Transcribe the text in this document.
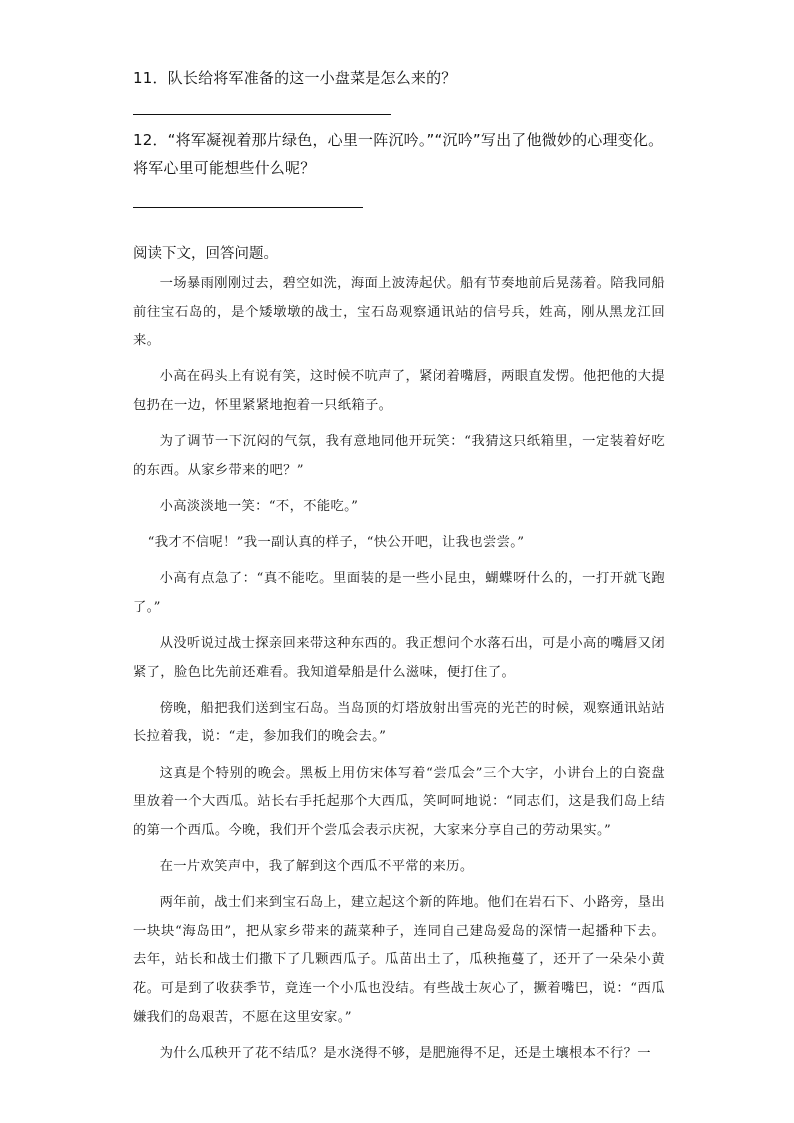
11．队长给将军准备的这一小盘菜是怎么来的？
12．“将军凝视着那片绿色，心里一阵沉吟。”“沉吟”写出了他微妙的心理变化。将军心里可能想些什么呢？
阅读下文，回答问题。

一场暴雨刚刚过去，碧空如洗，海面上波涛起伏。船有节奏地前后晃荡着。陪我同船前往宝石岛的，是个矮墩墩的战士，宝石岛观察通讯站的信号兵，姓高，刚从黑龙江回来。

小高在码头上有说有笑，这时候不吭声了，紧闭着嘴唇，两眼直发愣。他把他的大提包扔在一边，怀里紧紧地抱着一只纸箱子。

为了调节一下沉闷的气氛，我有意地同他开玩笑：“我猜这只纸箱里，一定装着好吃的东西。从家乡带来的吧？”

小高淡淡地一笑：“不，不能吃。”

“我才不信呢！”我一副认真的样子，“快公开吧，让我也尝尝。”

小高有点急了：“真不能吃。里面装的是一些小昆虫，蝴蝶呀什么的，一打开就飞跑了。”

从没听说过战士探亲回来带这种东西的。我正想问个水落石出，可是小高的嘴唇又闭紧了，脸色比先前还难看。我知道晕船是什么滋味，便打住了。

傍晚，船把我们送到宝石岛。当岛顶的灯塔放射出雪亮的光芒的时候，观察通讯站站长拉着我，说：“走，参加我们的晚会去。”

这真是个特别的晚会。黑板上用仿宋体写着“尝瓜会”三个大字，小讲台上的白瓷盘里放着一个大西瓜。站长右手托起那个大西瓜，笑呵呵地说：“同志们，这是我们岛上结的第一个西瓜。今晚，我们开个尝瓜会表示庆祝，大家来分享自己的劳动果实。”

在一片欢笑声中，我了解到这个西瓜不平常的来历。

两年前，战士们来到宝石岛上，建立起这个新的阵地。他们在岩石下、小路旁，垦出一块块“海岛田”，把从家乡带来的蔬菜种子，连同自己建岛爱岛的深情一起播种下去。去年，站长和战士们撒下了几颗西瓜子。瓜苗出土了，瓜秧拖蔓了，还开了一朵朵小黄花。可是到了收获季节，竟连一个小瓜也没结。有些战士灰心了，撅着嘴巴，说：“西瓜嫌我们的岛艰苦，不愿在这里安家。”

为什么瓜秧开了花不结瓜？是水浇得不够，是肥施得不足，还是土壤根本不行？一
